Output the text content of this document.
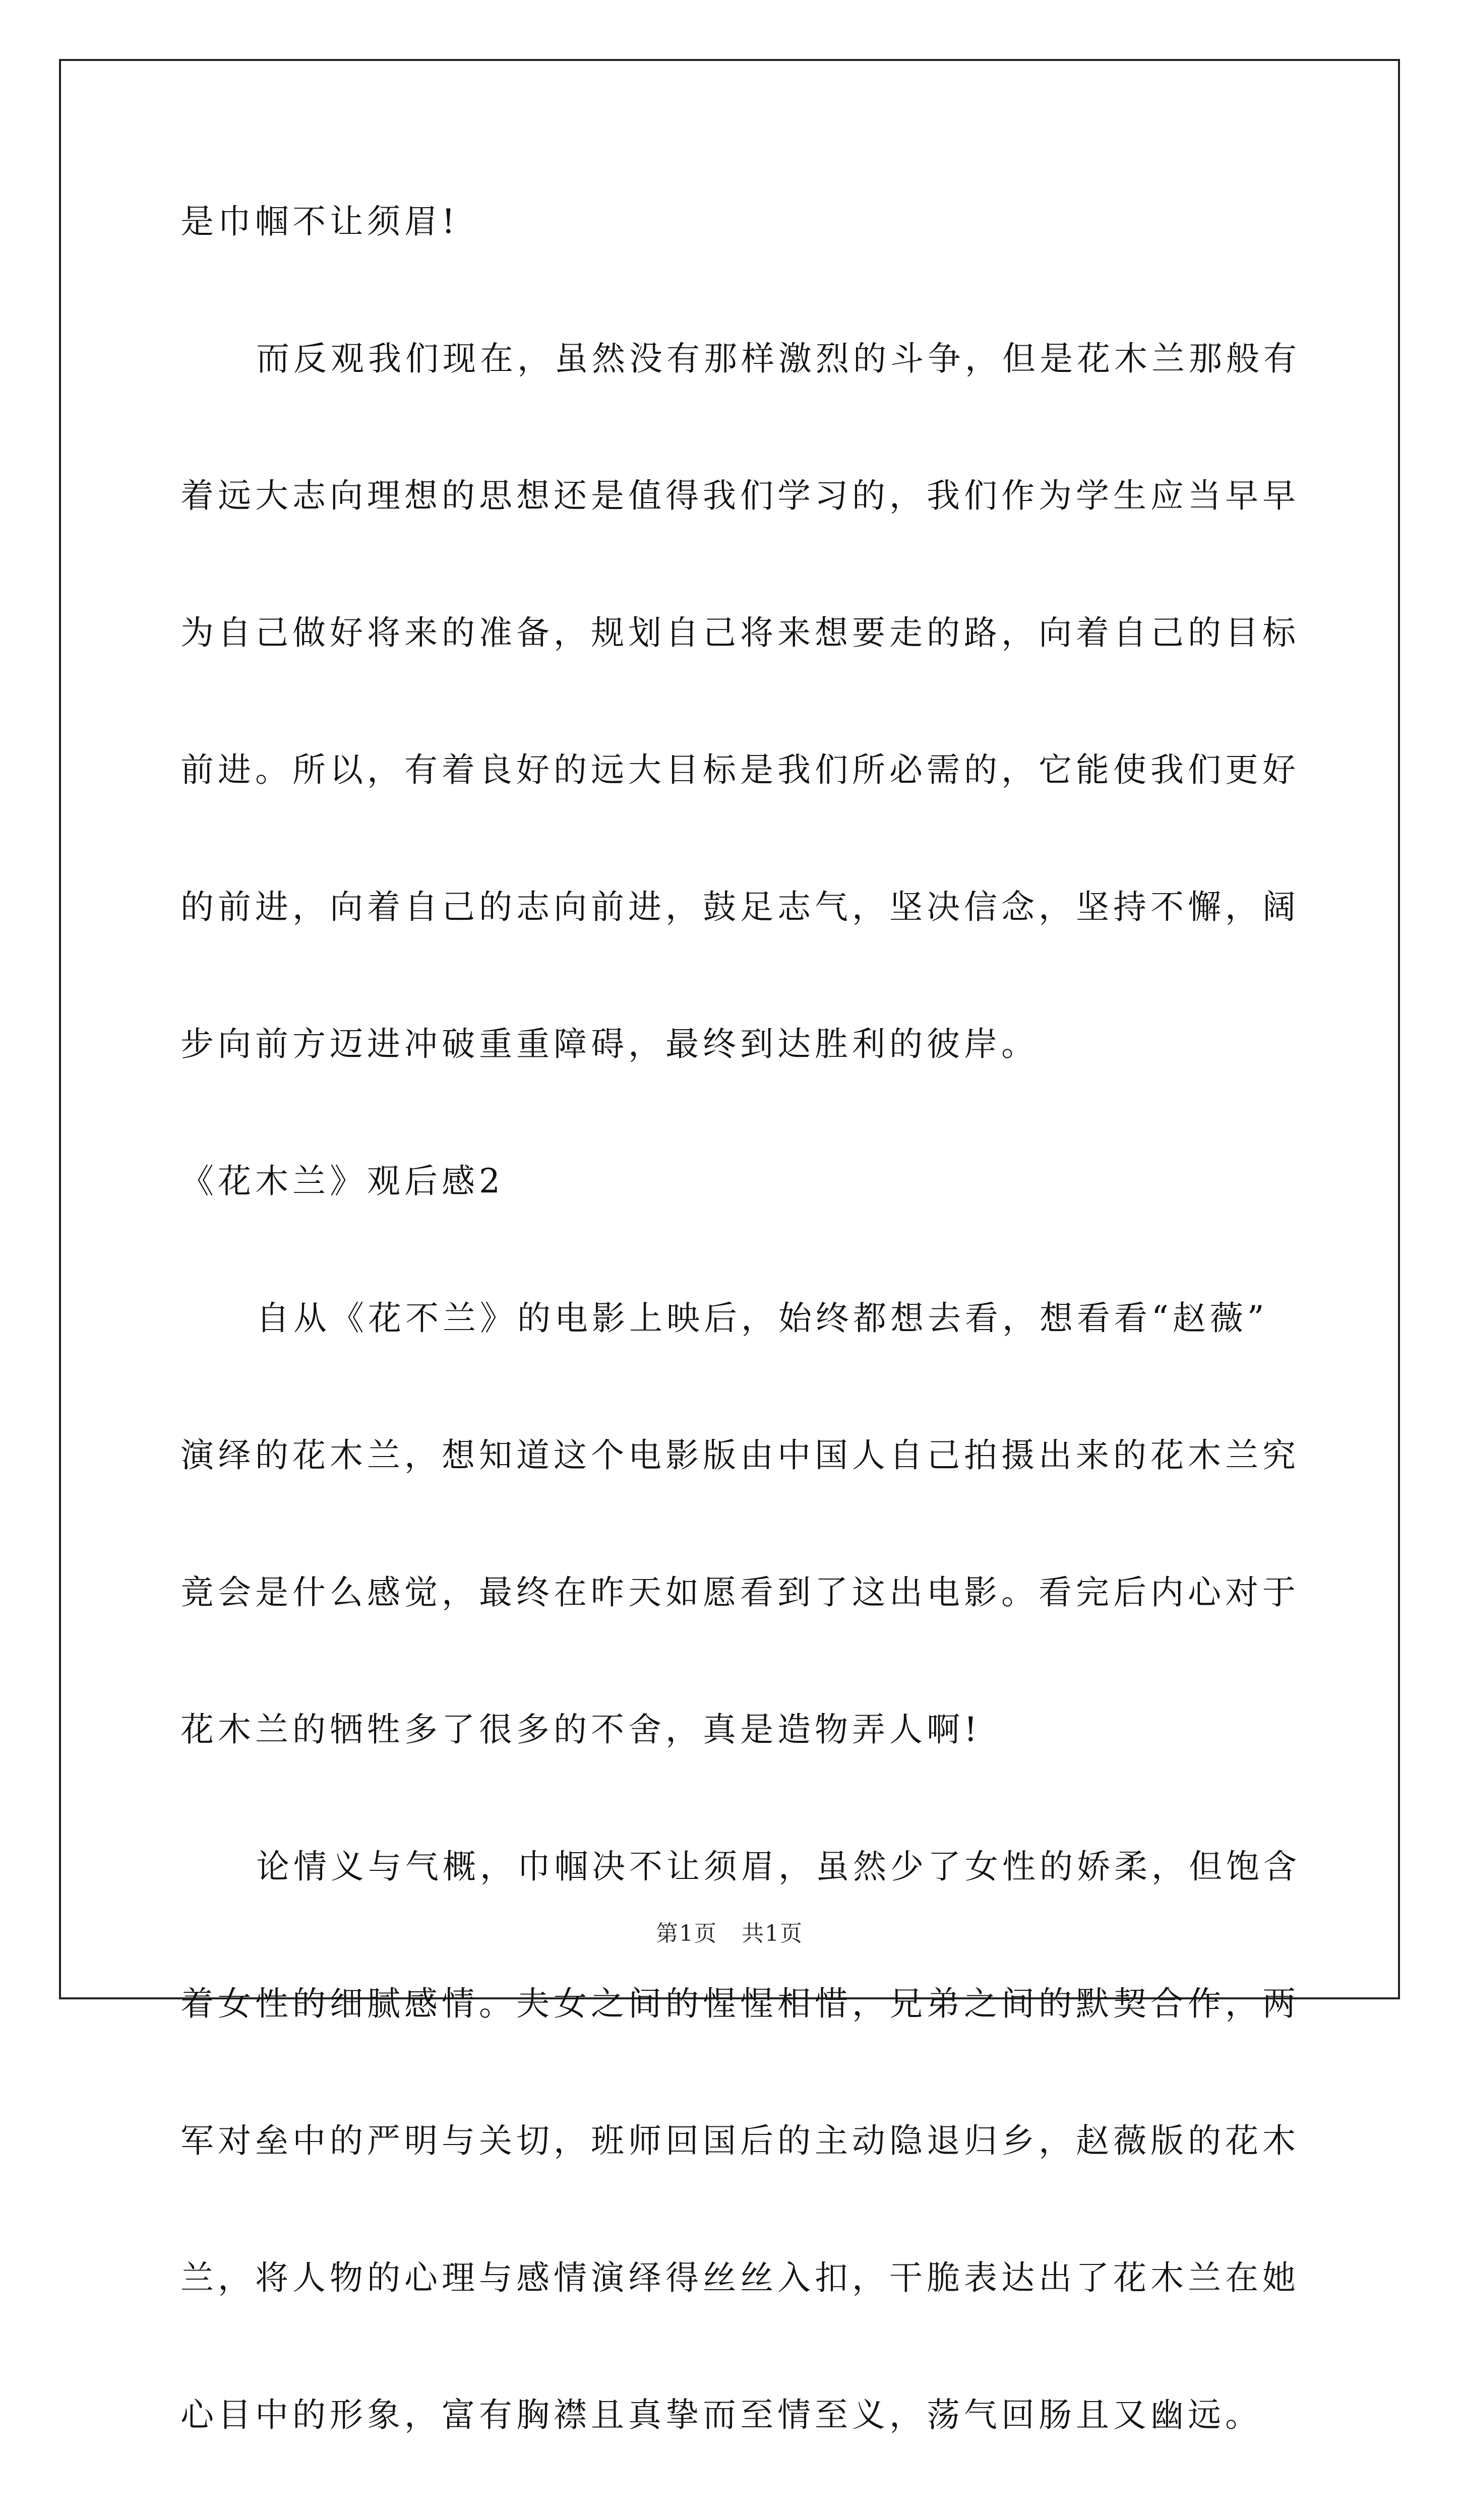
是巾帼不让须眉!
而反观我们现在，虽然没有那样激烈的斗争，但是花木兰那般有
着远大志向理想的思想还是值得我们学习的，我们作为学生应当早早
为自己做好将来的准备，规划自己将来想要走的路，向着自己的目标
前进。所以，有着良好的远大目标是我们所必需的，它能使我们更好
的前进，向着自己的志向前进，鼓足志气，坚决信念，坚持不懈，阔
步向前方迈进冲破重重障碍，最终到达胜利的彼岸。
《花木兰》观后感2
自从《花不兰》的电影上映后，始终都想去看，想看看“赵薇”
演绎的花木兰，想知道这个电影版由中国人自己拍摄出来的花木兰究
竟会是什么感觉，最终在昨天如愿看到了这出电影。看完后内心对于
花木兰的牺牲多了很多的不舍，真是造物弄人啊!
论情义与气概，巾帼决不让须眉，虽然少了女性的娇柔，但饱含
着女性的细腻感情。夫女之间的惺惺相惜，兄弟之间的默契合作，两
军对垒中的严明与关切，班师回国后的主动隐退归乡，赵薇版的花木
兰，将人物的心理与感情演绎得丝丝入扣，干脆表达出了花木兰在她
心目中的形象，富有胸襟且真挚而至情至义，荡气回肠且又幽远。
第1页 共1页
